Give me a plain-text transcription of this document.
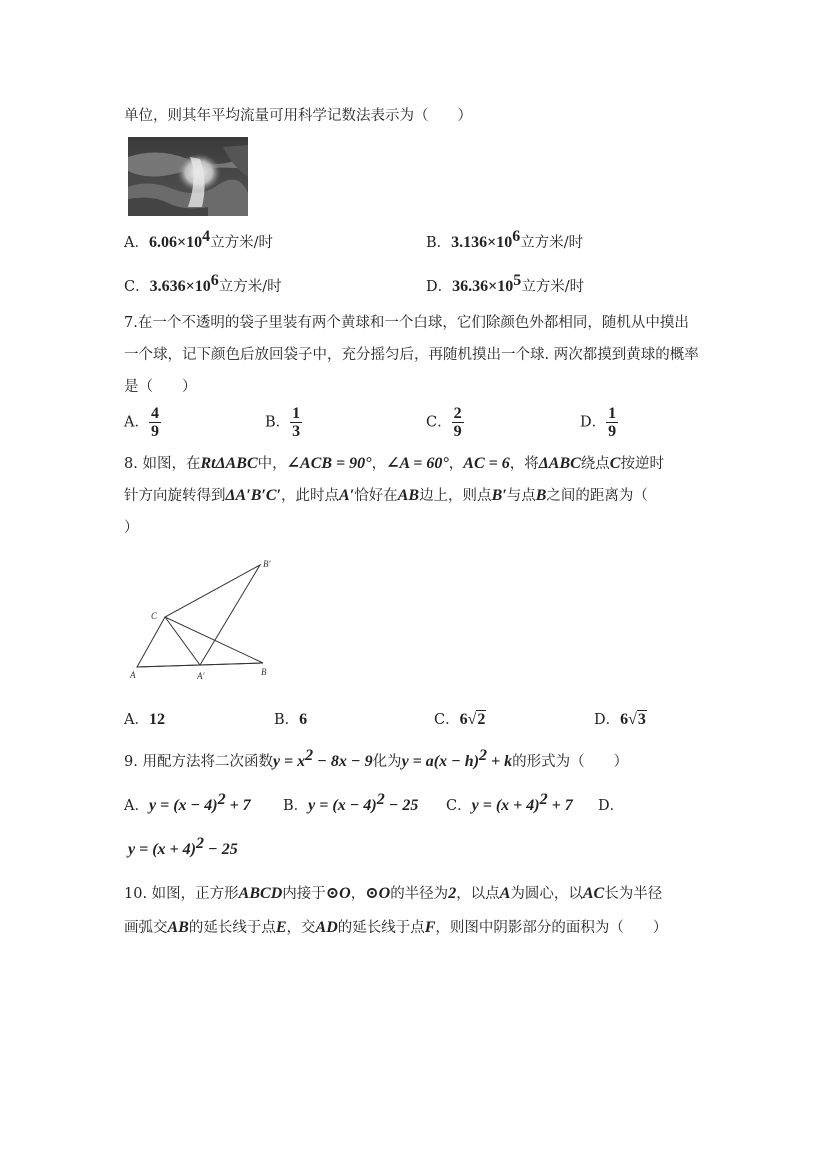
单位，则其年平均流量可用科学记数法表示为（　　）
A．$6.06\times 10^4$立方米/时	B．$3.136\times 10^6$立方米/时
C．$3.636\times 10^6$立方米/时	D．$36.36\times 10^5$立方米/时
7.在一个不透明的袋子里装有两个黄球和一个白球，它们除颜色外都相同，随机从中摸出
一个球，记下颜色后放回袋子中，充分摇匀后，再随机摸出一个球. 两次都摸到黄球的概率
是（　　）
A． $\frac{4}{9}$	B． $\frac{1}{3}$	C． $\frac{2}{9}$	D． $\frac{1}{9}$
8. 如图，在RtΔABC中，∠ACB = 90°，∠A = 60°，AC = 6，将ΔABC绕点C按逆时
针方向旋转得到ΔA′B′C′，此时点A′恰好在AB边上，则点B′与点B之间的距离为（
）
C
A	A′	B
B′
A．12	B．6	C．6√2	D．6√3
9. 用配方法将二次函数$y = x^2 - 8x - 9$化为$y = a(x - h)^2 + k$的形式为（　　）
A．$y = (x - 4)^2 + 7$ B．$y = (x - 4)^2 - 25$ C．$y = (x + 4)^2 + 7$ D．
$y = (x + 4)^2 - 25$
10. 如图，正方形ABCD内接于⊙O，⊙O的半径为2，以点A为圆心，以AC长为半径
画弧交AB的延长线于点E，交AD的延长线于点F，则图中阴影部分的面积为（　　）
